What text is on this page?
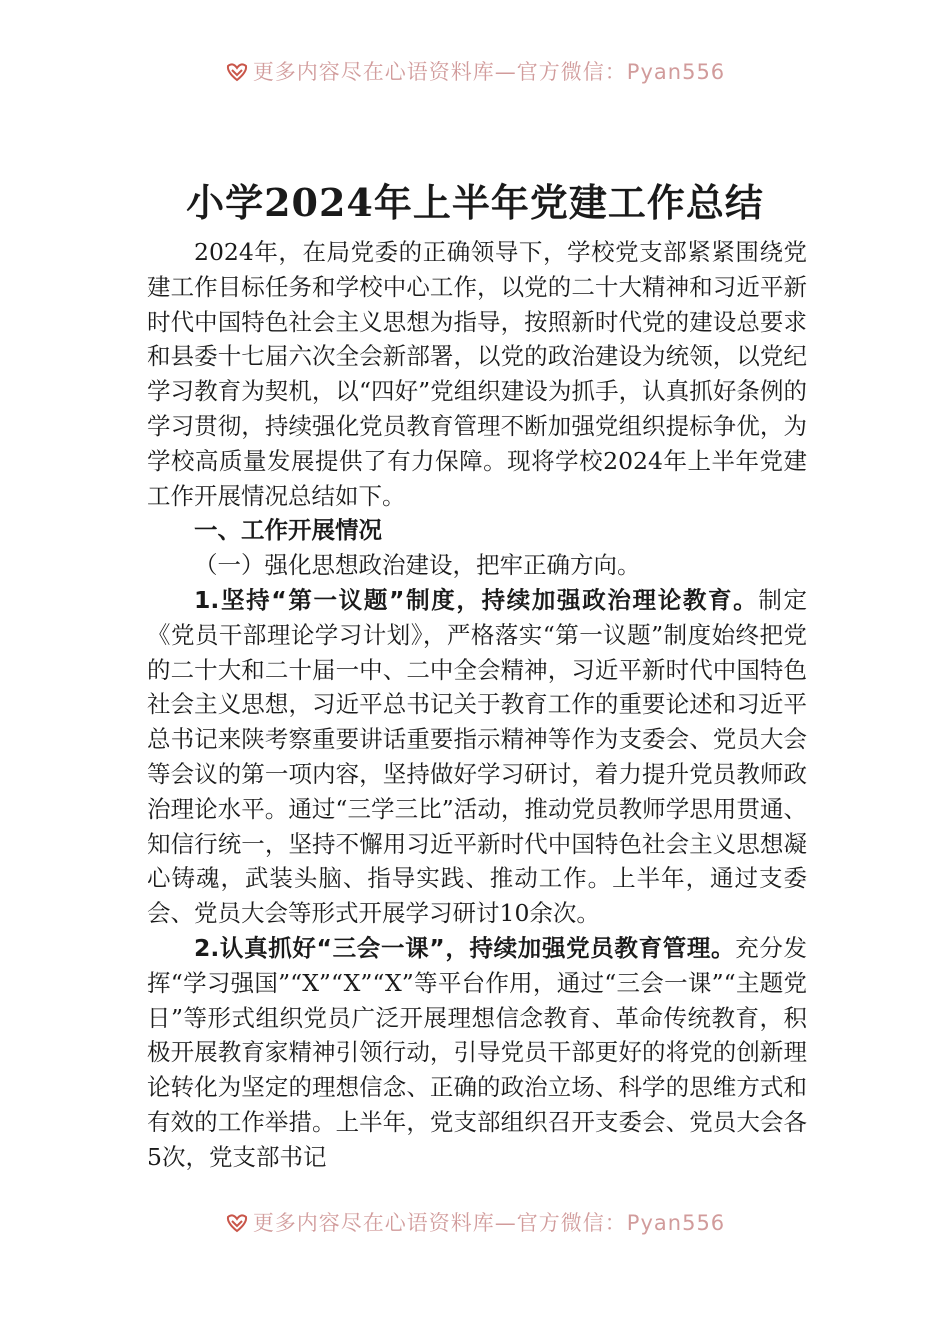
更多内容尽在心语资料库—官方微信：Pyan556
小学2024年上半年党建工作总结

2024年，在局党委的正确领导下，学校党支部紧紧围绕党建工作目标任务和学校中心工作，以党的二十大精神和习近平新时代中国特色社会主义思想为指导，按照新时代党的建设总要求和县委十七届六次全会新部署，以党的政治建设为统领，以党纪学习教育为契机，以“四好”党组织建设为抓手，认真抓好条例的学习贯彻，持续强化党员教育管理不断加强党组织提标争优，为学校高质量发展提供了有力保障。现将学校2024年上半年党建工作开展情况总结如下。

一、工作开展情况

（一）强化思想政治建设，把牢正确方向。

1.坚持“第一议题”制度，持续加强政治理论教育。制定《党员干部理论学习计划》，严格落实“第一议题”制度始终把党的二十大和二十届一中、二中全会精神，习近平新时代中国特色社会主义思想，习近平总书记关于教育工作的重要论述和习近平总书记来陕考察重要讲话重要指示精神等作为支委会、党员大会等会议的第一项内容，坚持做好学习研讨，着力提升党员教师政治理论水平。通过“三学三比”活动，推动党员教师学思用贯通、知信行统一，坚持不懈用习近平新时代中国特色社会主义思想凝心铸魂，武装头脑、指导实践、推动工作。上半年，通过支委会、党员大会等形式开展学习研讨10余次。

2.认真抓好“三会一课”，持续加强党员教育管理。充分发挥“学习强国”“X”“X”“X”等平台作用，通过“三会一课”“主题党日”等形式组织党员广泛开展理想信念教育、革命传统教育，积极开展教育家精神引领行动，引导党员干部更好的将党的创新理论转化为坚定的理想信念、正确的政治立场、科学的思维方式和有效的工作举措。上半年，党支部组织召开支委会、党员大会各5次，党支部书记

更多内容尽在心语资料库—官方微信：Pyan556
